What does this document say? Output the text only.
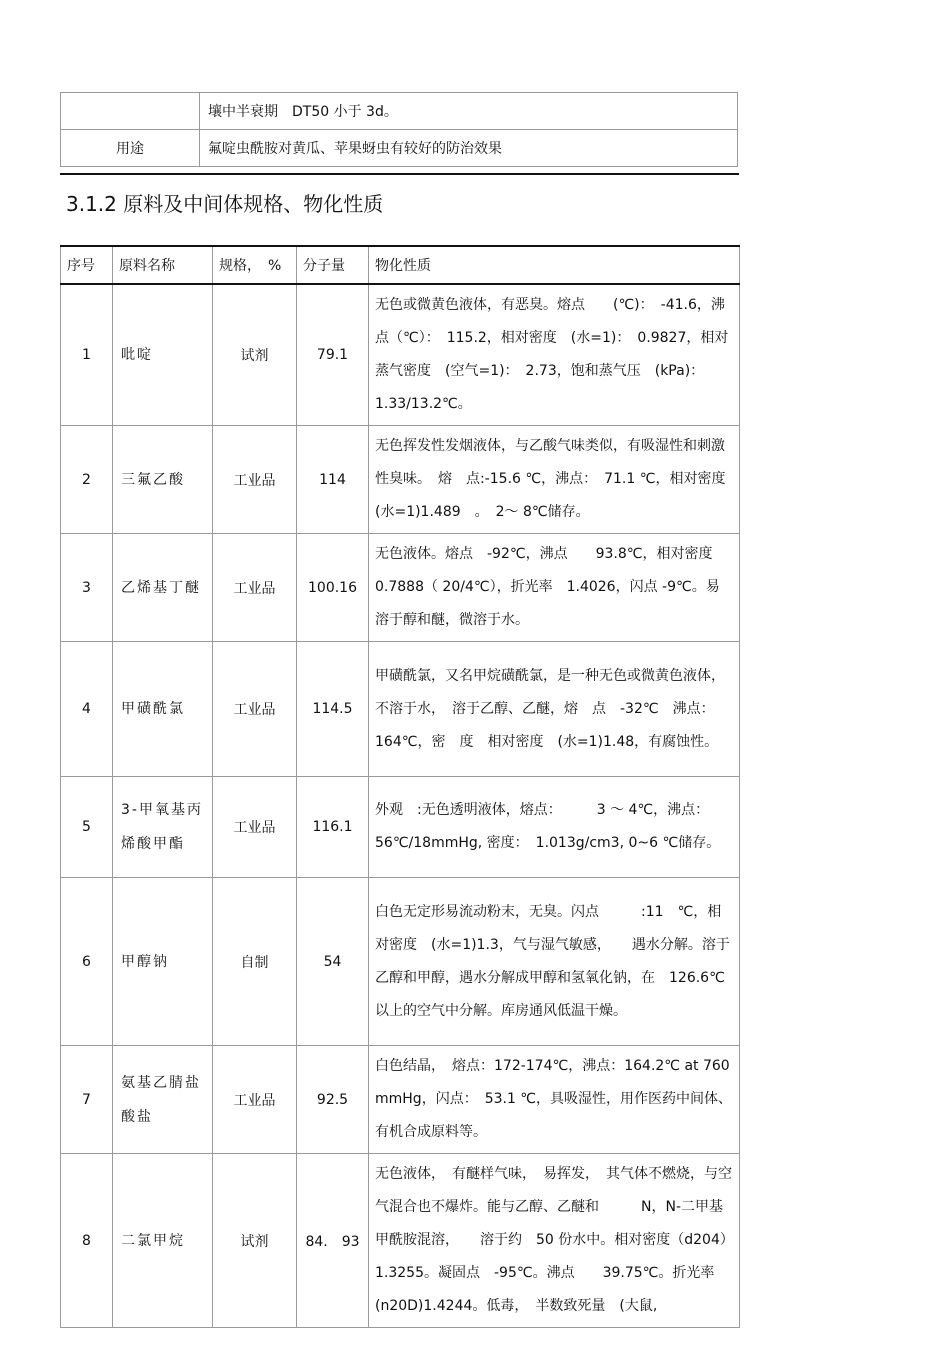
	壤中半衰期　DT50 小于 3d。
用途	氟啶虫酰胺对黄瓜、苹果蚜虫有较好的防治效果
3.1.2 原料及中间体规格、物化性质
序号	原料名称	规格，　%	分子量	物化性质
1	吡啶	试剂	79.1	无色或微黄色液体，有恶臭。熔点　　(℃)：　-41.6，沸点（℃）：　115.2，相对密度　(水=1)：　0.9827，相对蒸气密度　(空气=1)：　2.73，饱和蒸气压　(kPa)：1.33/13.2℃。
2	三氟乙酸	工业品	114	无色挥发性发烟液体，与乙酸气味类似，有吸湿性和刺激性臭味。　熔　点:-15.6 ℃，沸点：　71.1 ℃，相对密度　(水=1)1.489　。　2～ 8℃储存。
3	乙烯基丁醚	工业品	100.16	无色液体。熔点　-92℃，沸点　　93.8℃，相对密度　0.7888（ 20/4℃），折光率　1.4026，闪点 -9℃。易溶于醇和醚，微溶于水。
4	甲磺酰氯	工业品	114.5	甲磺酰氯，又名甲烷磺酰氯，是一种无色或微黄色液体，　不溶于水，　溶于乙醇、乙醚，熔　点　-32℃　沸点：　164℃，密　度　相对密度　(水=1)1.48，有腐蚀性。
5	3-甲氧基丙烯酸甲酯	工业品	116.1	外观　:无色透明液体，熔点：　　　3 ～ 4℃，沸点：56℃/18mmHg, 密度：　1.013g/cm3, 0~6 ℃储存。
6	甲醇钠	自制	54	白色无定形易流动粉末，无臭。闪点　　　:11　℃，相对密度　(水=1)1.3，气与湿气敏感，　　遇水分解。溶于乙醇和甲醇，遇水分解成甲醇和氢氧化钠，在　126.6℃以上的空气中分解。库房通风低温干燥。
7	氨基乙腈盐酸盐	工业品	92.5	白色结晶，　熔点：172-174℃，沸点：164.2℃ at 760 mmHg，闪点：　53.1 ℃，具吸湿性，用作医药中间体、有机合成原料等。
8	二氯甲烷	试剂	84.　93	无色液体，　有醚样气味，　易挥发，　其气体不燃烧，与空气混合也不爆炸。能与乙醇、乙醚和　　　N，N-二甲基甲酰胺混溶，　　溶于约　50 份水中。相对密度（d204）1.3255。凝固点　-95℃。沸点　　39.75℃。折光率　(n20D)1.4244。低毒，　半数致死量　(大鼠,
